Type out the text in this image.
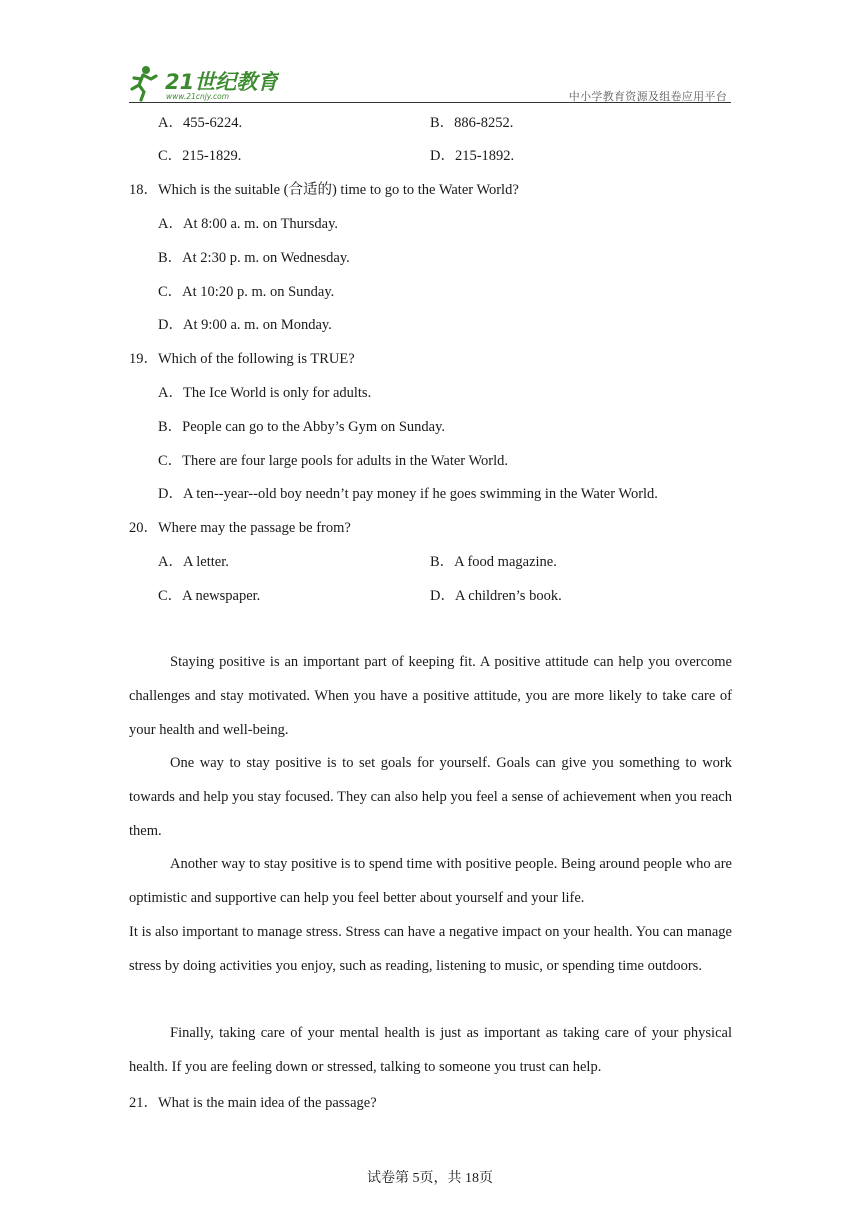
21世纪教育
www.21cnjy.com	中小学教育资源及组卷应用平台
A．455-6224.	B．886-8252.
C．215-1829.	D．215-1892.
18．Which is the suitable (合适的) time to go to the Water World?
A．At 8:00 a. m. on Thursday.
B．At 2:30 p. m. on Wednesday.
C．At 10:20 p. m. on Sunday.
D．At 9:00 a. m. on Monday.
19．Which of the following is TRUE?
A．The Ice World is only for adults.
B．People can go to the Abby’s Gym on Sunday.
C．There are four large pools for adults in the Water World.
D．A ten--year--old boy needn’t pay money if he goes swimming in the Water World.
20．Where may the passage be from?
A．A letter.	B．A food magazine.
C．A newspaper.	D．A children’s book.
Staying positive is an important part of keeping fit. A positive attitude can help you overcome challenges and stay motivated. When you have a positive attitude, you are more likely to take care of your health and well-being.
One way to stay positive is to set goals for yourself. Goals can give you something to work towards and help you stay focused. They can also help you feel a sense of achievement when you reach them.
Another way to stay positive is to spend time with positive people. Being around people who are optimistic and supportive can help you feel better about yourself and your life.
It is also important to manage stress. Stress can have a negative impact on your health. You can manage stress by doing activities you enjoy, such as reading, listening to music, or spending time outdoors.
Finally, taking care of your mental health is just as important as taking care of your physical health. If you are feeling down or stressed, talking to someone you trust can help.
21．What is the main idea of the passage?
试卷第 5页，共 18页
